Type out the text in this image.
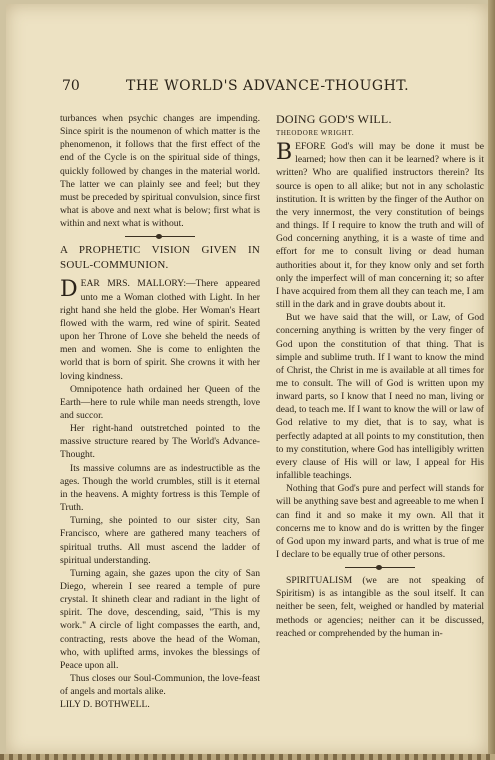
70	THE WORLD'S ADVANCE-THOUGHT.

turbances when psychic changes are impending. Since spirit is the noumenon of which matter is the phenomenon, it follows that the first effect of the end of the Cycle is on the spiritual side of things, quickly followed by changes in the material world. The latter we can plainly see and feel; but they must be preceded by spiritual convulsion, since first what is above and next what is below; first what is within and next what is without.

A PROPHETIC VISION GIVEN IN SOUL-COMMUNION.

DEAR MRS. MALLORY:—There appeared unto me a Woman clothed with Light. In her right hand she held the globe. Her Woman's Heart flowed with the warm, red wine of spirit. Seated upon her Throne of Love she beheld the needs of men and women. She is come to enlighten the world that is born of spirit. She crowns it with her loving kindness.

Omnipotence hath ordained her Queen of the Earth—here to rule while man needs strength, love and succor.

Her right-hand outstretched pointed to the massive structure reared by The World's Advance-Thought.

Its massive columns are as indestructible as the ages. Though the world crumbles, still is it eternal in the heavens. A mighty fortress is this Temple of Truth.

Turning, she pointed to our sister city, San Francisco, where are gathered many teachers of spiritual truths. All must ascend the ladder of spiritual understanding.

Turning again, she gazes upon the city of San Diego, wherein I see reared a temple of pure crystal. It shineth clear and radiant in the light of spirit. The dove, descending, said, "This is my work." A circle of light compasses the earth, and, contracting, rests above the head of the Woman, who, with uplifted arms, invokes the blessings of Peace upon all.

Thus closes our Soul-Communion, the love-feast of angels and mortals alike.

LILY D. BOTHWELL.

DOING GOD'S WILL.

THEODORE WRIGHT.

BEFORE God's will may be done it must be learned; how then can it be learned? where is it written? Who are qualified instructors therein? Its source is open to all alike; but not in any scholastic institution. It is written by the finger of the Author on the very innermost, the very constitution of beings and things. If I require to know the truth and will of God concerning anything, it is a waste of time and effort for me to consult living or dead human authorities about it, for they know only and set forth only the imperfect will of man concerning it; so after I have acquired from them all they can teach me, I am still in the dark and in grave doubts about it.

But we have said that the will, or Law, of God concerning anything is written by the very finger of God upon the constitution of that thing. That is simple and sublime truth. If I want to know the mind of Christ, the Christ in me is available at all times for me to consult. The will of God is written upon my inward parts, so I know that I need no man, living or dead, to teach me. If I want to know the will or law of God relative to my diet, that is to say, what is perfectly adapted at all points to my constitution, then to my constitution, where God has intelligibly written every clause of His will or law, I appeal for His infallible teachings.

Nothing that God's pure and perfect will stands for will be anything save best and agreeable to me when I can find it and so make it my own. All that it concerns me to know and do is written by the finger of God upon my inward parts, and what is true of me I declare to be equally true of other persons.

SPIRITUALISM (we are not speaking of Spiritism) is as intangible as the soul itself. It can neither be seen, felt, weighed or handled by material methods or agencies; neither can it be discussed, reached or comprehended by the human in-
